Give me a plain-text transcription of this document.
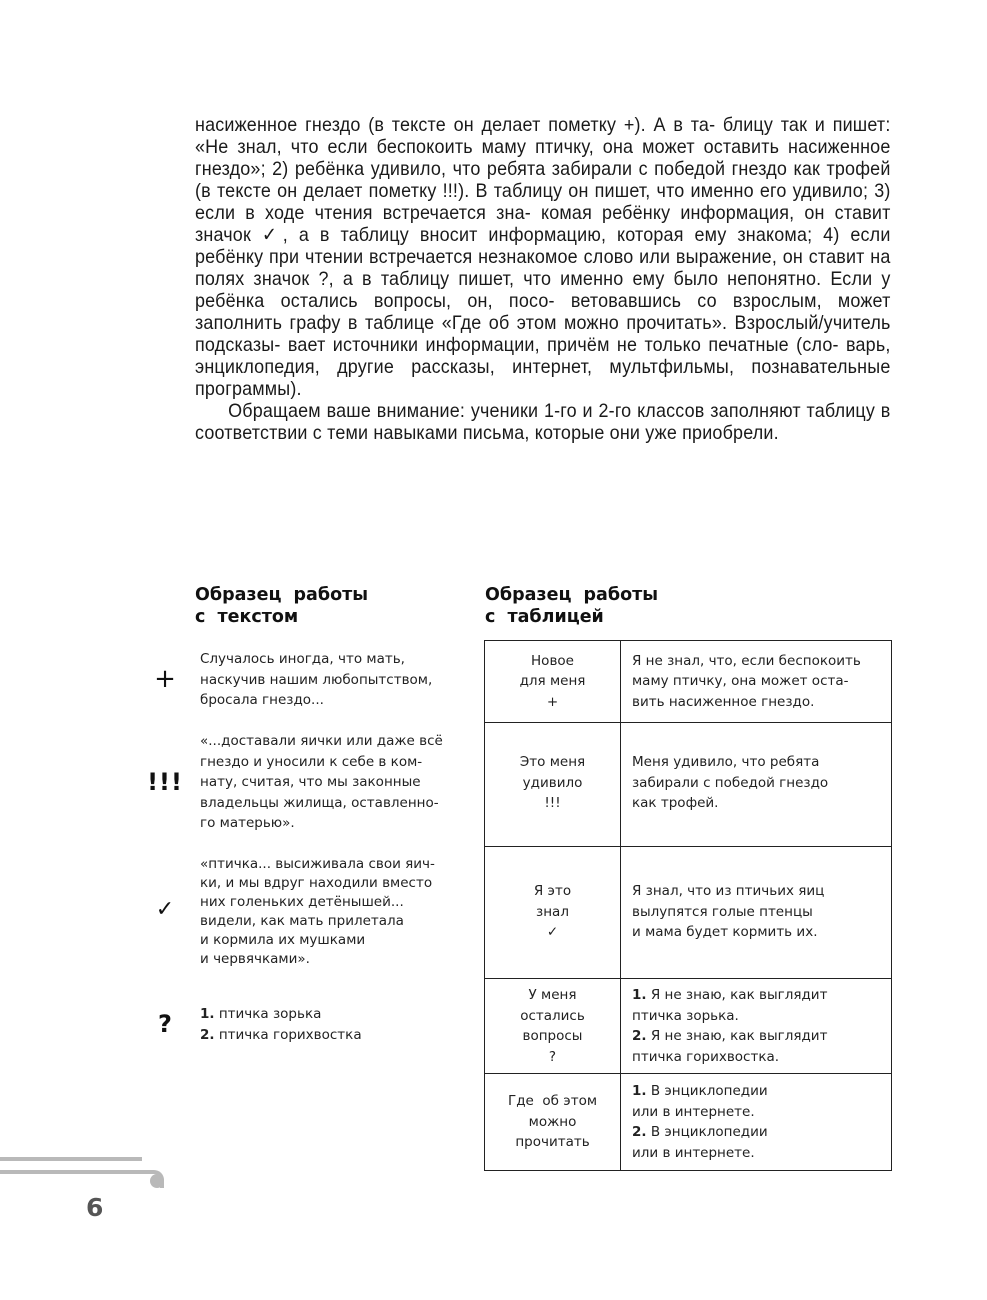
насиженное гнездо (в тексте он делает пометку +). А в та- блицу так и пишет: «Не знал, что если беспокоить маму птичку, она может оставить насиженное гнездо»; 2) ребёнка удивило, что ребята забирали с победой гнездо как трофей (в тексте он делает пометку !!!). В таблицу он пишет, что именно его удивило; 3) если в ходе чтения встречается зна- комая ребёнку информация, он ставит значок ✓, а в таблицу вносит информацию, которая ему знакома; 4) если ребёнку при чтении встречается незнакомое слово или выражение, он ставит на полях значок ?, а в таблицу пишет, что именно ему было непонятно. Если у ребёнка остались вопросы, он, посо- ветовавшись со взрослым, может заполнить графу в таблице «Где об этом можно прочитать». Взрослый/учитель подсказы- вает источники информации, причём не только печатные (сло- варь, энциклопедия, другие рассказы, интернет, мультфильмы, познавательные программы).

Обращаем ваше внимание: ученики 1-го и 2-го классов заполняют таблицу в соответствии с теми навыками письма, которые они уже приобрели.

Образец работы
с текстом
Образец работы
с таблицей
+
!!!
✓
?
Случалось иногда, что мать,
наскучив нашим любопытством,
бросала гнездо...
«...доставали яички или даже всё
гнездо и уносили к себе в ком-
нату, считая, что мы законные
владельцы жилища, оставленно-
го матерью».
«птичка... высиживала свои яич-
ки, и мы вдруг находили вместо
них голеньких детёнышей...
видели, как мать прилетала
и кормила их мушками
и червячками».
1. птичка зорька
2. птичка горихвостка
Новое
для меня
+	Я не знал, что, если беспокоить
маму птичку, она может оста-
вить насиженное гнездо.

Это меня
удивило
!!!	Меня удивило, что ребята
забирали с победой гнездо
как трофей.

Я это
знал
✓	Я знал, что из птичьих яиц
вылупятся голые птенцы
и мама будет кормить их.

У меня
остались
вопросы
?	1. Я не знаю, как выглядит
птичка зорька.
2. Я не знаю, как выглядит
птичка горихвостка.

Где  об этом
можно
прочитать	1. В энциклопедии
или в интернете.
2. В энциклопедии
или в интернете.
6
